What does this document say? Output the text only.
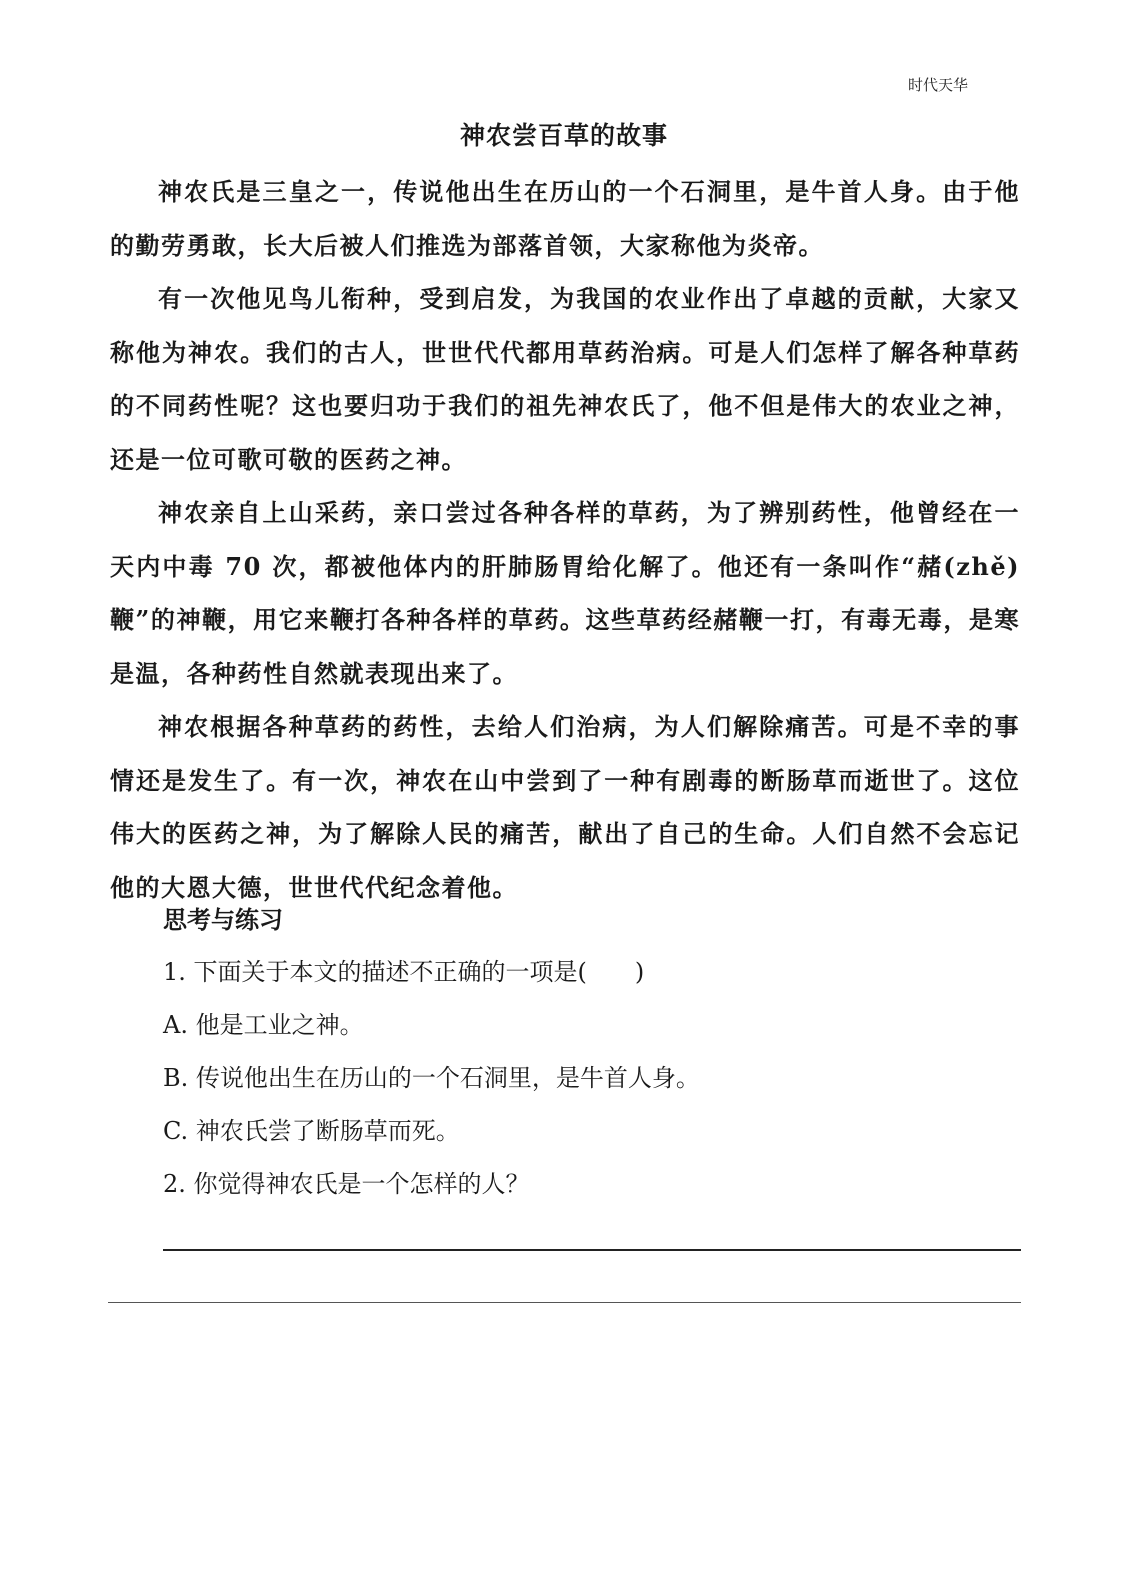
时代天华
神农尝百草的故事

神农氏是三皇之一，传说他出生在历山的一个石洞里，是牛首人身。由于他的勤劳勇敢，长大后被人们推选为部落首领，大家称他为炎帝。

有一次他见鸟儿衔种，受到启发，为我国的农业作出了卓越的贡献，大家又称他为神农。我们的古人，世世代代都用草药治病。可是人们怎样了解各种草药的不同药性呢？这也要归功于我们的祖先神农氏了，他不但是伟大的农业之神，还是一位可歌可敬的医药之神。

神农亲自上山采药，亲口尝过各种各样的草药，为了辨别药性，他曾经在一天内中毒 70 次，都被他体内的肝肺肠胃给化解了。他还有一条叫作“赭(zhě)鞭”的神鞭，用它来鞭打各种各样的草药。这些草药经赭鞭一打，有毒无毒，是寒是温，各种药性自然就表现出来了。

神农根据各种草药的药性，去给人们治病，为人们解除痛苦。可是不幸的事情还是发生了。有一次，神农在山中尝到了一种有剧毒的断肠草而逝世了。这位伟大的医药之神，为了解除人民的痛苦，献出了自己的生命。人们自然不会忘记他的大恩大德，世世代代纪念着他。

思考与练习

1. 下面关于本文的描述不正确的一项是(　　)

A. 他是工业之神。

B. 传说他出生在历山的一个石洞里，是牛首人身。

C. 神农氏尝了断肠草而死。

2. 你觉得神农氏是一个怎样的人？
